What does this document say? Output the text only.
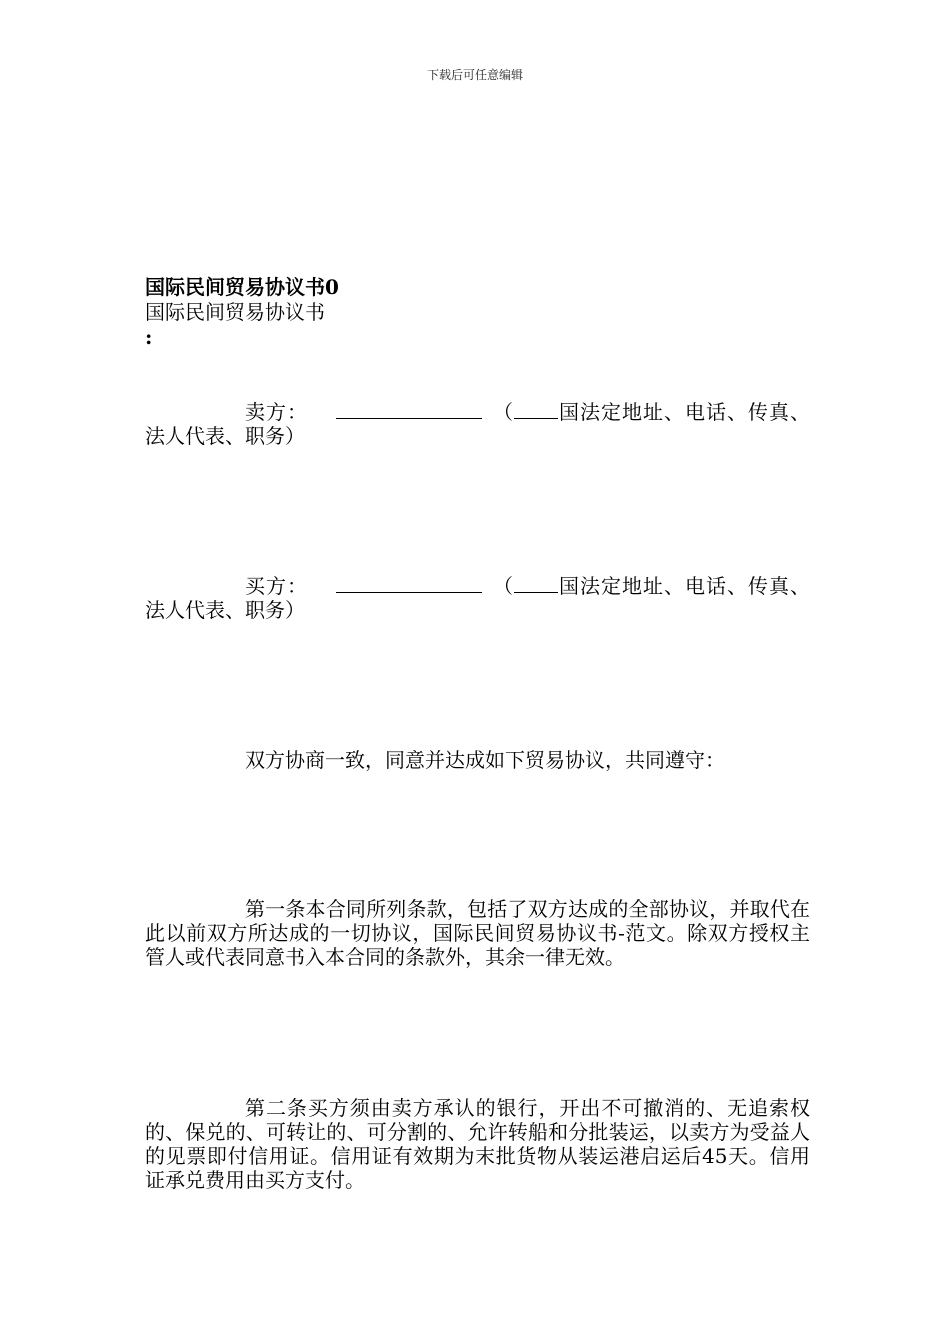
下载后可任意编辑
国际民间贸易协议书0
国际民间贸易协议书
:
卖方：	（ 国法定地址、电话、传真、法人代表、职务）
买方：	（ 国法定地址、电话、传真、法人代表、职务）
双方协商一致，同意并达成如下贸易协议，共同遵守：
第一条本合同所列条款，包括了双方达成的全部协议，并取代在此以前双方所达成的一切协议，国际民间贸易协议书-范文。除双方授权主管人或代表同意书入本合同的条款外，其余一律无效。
第二条买方须由卖方承认的银行，开出不可撤消的、无追索权的、保兑的、可转让的、可分割的、允许转船和分批装运，以卖方为受益人的见票即付信用证。信用证有效期为末批货物从装运港启运后45天。信用证承兑费用由买方支付。
